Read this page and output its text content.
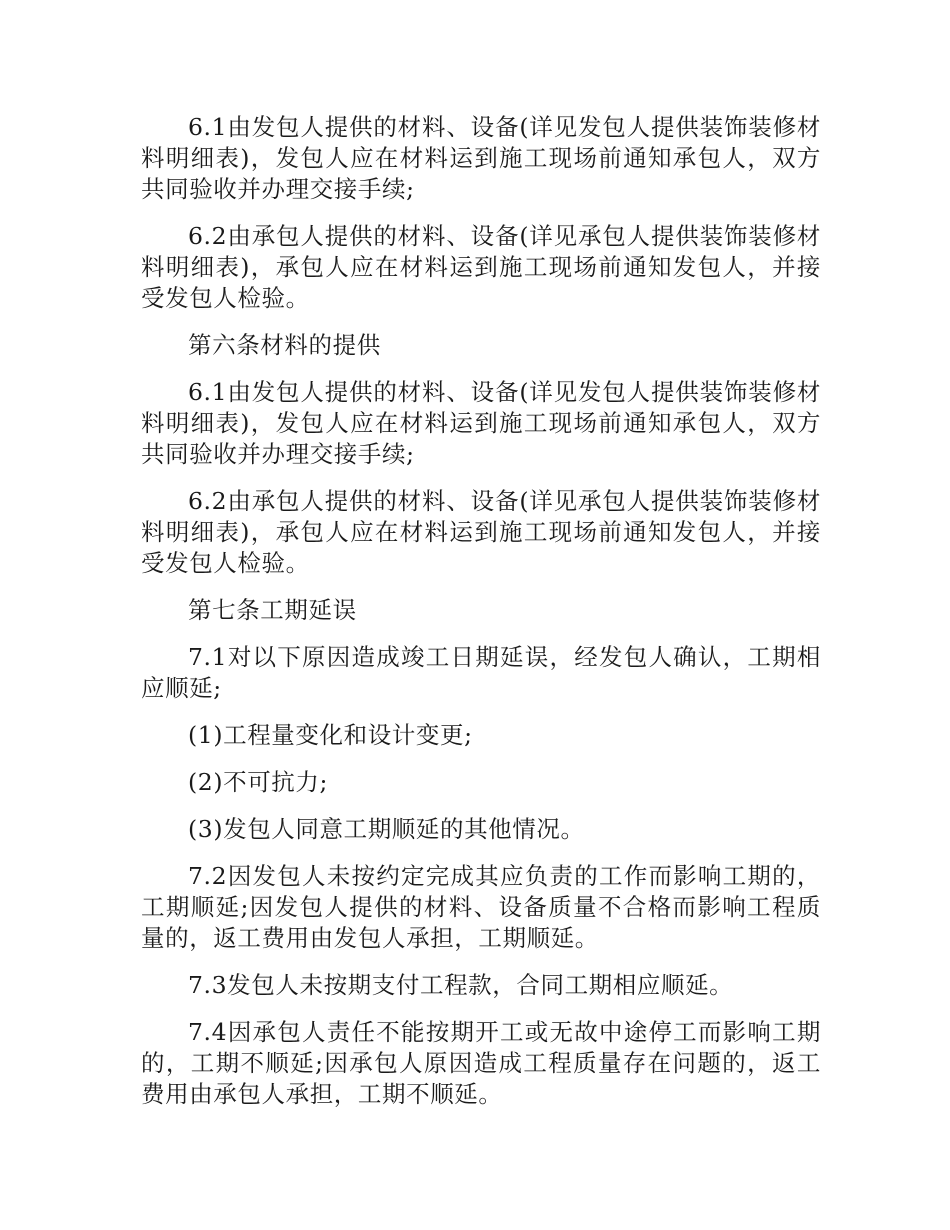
6.1由发包人提供的材料、设备(详见发包人提供装饰装修材料明细表)，发包人应在材料运到施工现场前通知承包人，双方共同验收并办理交接手续;

6.2由承包人提供的材料、设备(详见承包人提供装饰装修材料明细表)，承包人应在材料运到施工现场前通知发包人，并接受发包人检验。

第六条材料的提供

6.1由发包人提供的材料、设备(详见发包人提供装饰装修材料明细表)，发包人应在材料运到施工现场前通知承包人，双方共同验收并办理交接手续;

6.2由承包人提供的材料、设备(详见承包人提供装饰装修材料明细表)，承包人应在材料运到施工现场前通知发包人，并接受发包人检验。

第七条工期延误

7.1对以下原因造成竣工日期延误，经发包人确认，工期相应顺延;

(1)工程量变化和设计变更;

(2)不可抗力;

(3)发包人同意工期顺延的其他情况。

7.2因发包人未按约定完成其应负责的工作而影响工期的，工期顺延;因发包人提供的材料、设备质量不合格而影响工程质量的，返工费用由发包人承担，工期顺延。

7.3发包人未按期支付工程款，合同工期相应顺延。

7.4因承包人责任不能按期开工或无故中途停工而影响工期的，工期不顺延;因承包人原因造成工程质量存在问题的，返工费用由承包人承担，工期不顺延。
